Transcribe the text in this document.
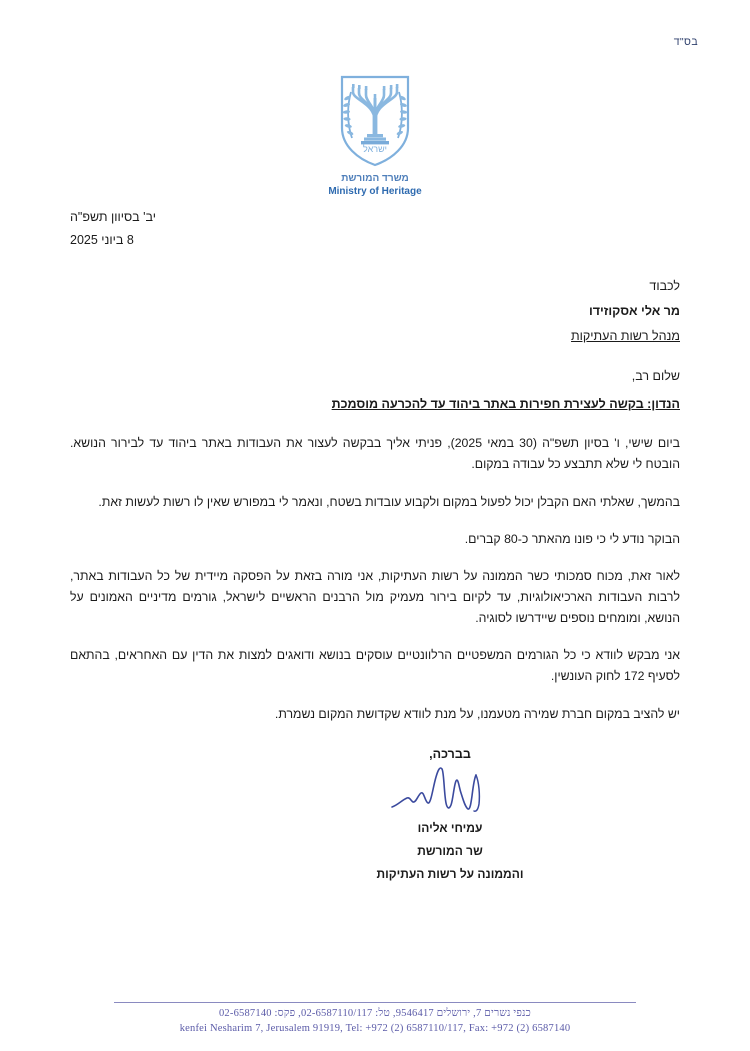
בס"ד
ישראל
משרד המורשת
Ministry of Heritage
יב' בסיוון תשפ"ה
8 ביוני 2025
לכבוד
מר אלי אסקוזידו
מנהל רשות העתיקות
שלום רב,
הנדון: בקשה לעצירת חפירות באתר ביהוד עד להכרעה מוסמכת

ביום שישי, ו' בסיון תשפ"ה (30 במאי 2025), פניתי אליך בבקשה לעצור את העבודות באתר ביהוד עד לבירור הנושא. הובטח לי שלא תתבצע כל עבודה במקום.

בהמשך, שאלתי האם הקבלן יכול לפעול במקום ולקבוע עובדות בשטח, ונאמר לי במפורש שאין לו רשות לעשות זאת.

הבוקר נודע לי כי פונו מהאתר כ-80 קברים.

לאור זאת, מכוח סמכותי כשר הממונה על רשות העתיקות, אני מורה בזאת על הפסקה מיידית של כל העבודות באתר, לרבות העבודות הארכיאולוגיות, עד לקיום בירור מעמיק מול הרבנים הראשיים לישראל, גורמים מדיניים האמונים על הנושא, ומומחים נוספים שיידרשו לסוגיה.

אני מבקש לוודא כי כל הגורמים המשפטיים הרלוונטיים עוסקים בנושא ודואגים למצות את הדין עם האחראים, בהתאם לסעיף 172 לחוק העונשין.

יש להציב במקום חברת שמירה מטעמנו, על מנת לוודא שקדושת המקום נשמרת.

בברכה,
עמיחי אליהו
שר המורשת
והממונה על רשות העתיקות
כנפי נשרים 7, ירושלים 9546417, טל: 02-6587110/117, פקס: 02-6587140
kenfei Nesharim 7, Jerusalem 91919, Tel: +972 (2) 6587110/117, Fax: +972 (2) 6587140
